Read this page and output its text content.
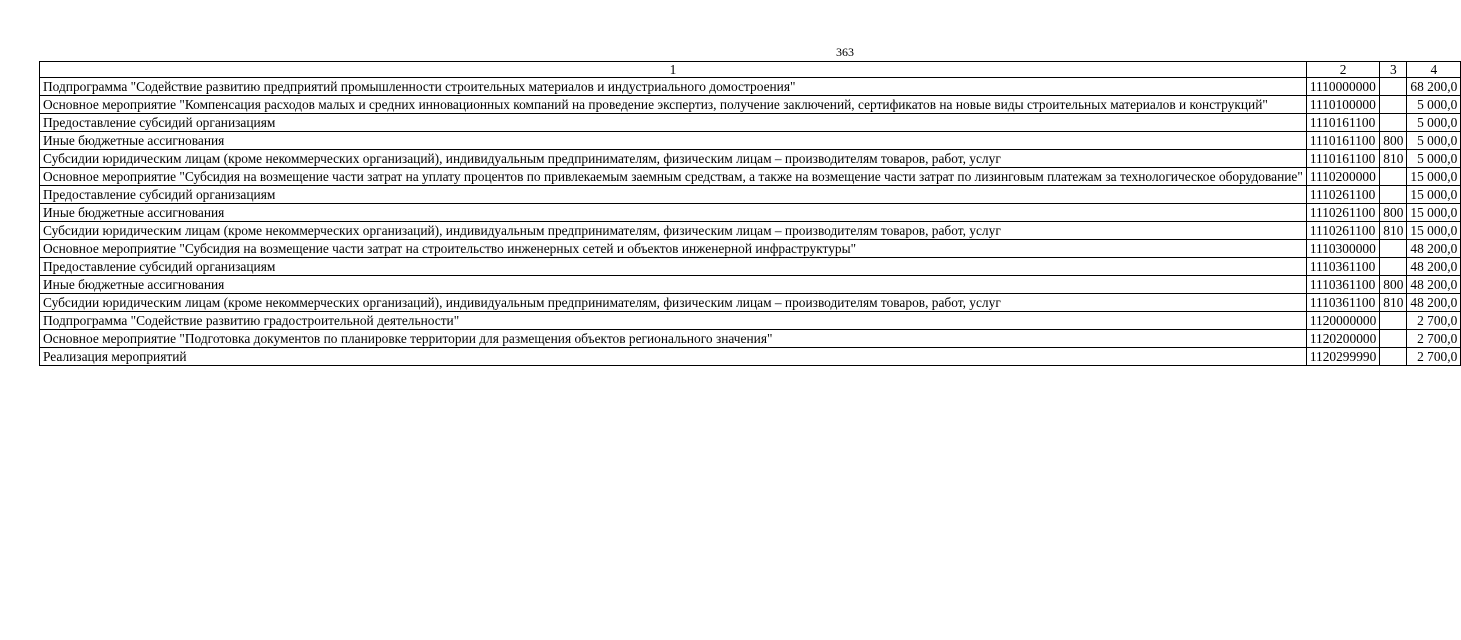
363
1	2	3	4
Подпрограмма "Содействие развитию предприятий промышленности строительных материалов и индустриального домостроения"	1110000000		68 200,0
Основное мероприятие "Компенсация расходов малых и средних инновационных компаний на проведение экспертиз, получение заключений, сертификатов на новые виды строительных материалов и конструкций"	1110100000		5 000,0
Предоставление субсидий организациям	1110161100		5 000,0
Иные бюджетные ассигнования	1110161100	800	5 000,0
Субсидии юридическим лицам (кроме некоммерческих организаций), индивидуальным предпринимателям, физическим лицам – производителям товаров, работ, услуг	1110161100	810	5 000,0
Основное мероприятие "Субсидия на возмещение части затрат на уплату процентов по привлекаемым заемным средствам, а также на возмещение части затрат по лизинговым платежам за технологическое оборудование"	1110200000		15 000,0
Предоставление субсидий организациям	1110261100		15 000,0
Иные бюджетные ассигнования	1110261100	800	15 000,0
Субсидии юридическим лицам (кроме некоммерческих организаций), индивидуальным предпринимателям, физическим лицам – производителям товаров, работ, услуг	1110261100	810	15 000,0
Основное мероприятие "Субсидия на возмещение части затрат на строительство инженерных сетей и объектов инженерной инфраструктуры"	1110300000		48 200,0
Предоставление субсидий организациям	1110361100		48 200,0
Иные бюджетные ассигнования	1110361100	800	48 200,0
Субсидии юридическим лицам (кроме некоммерческих организаций), индивидуальным предпринимателям, физическим лицам – производителям товаров, работ, услуг	1110361100	810	48 200,0
Подпрограмма "Содействие развитию градостроительной деятельности"	1120000000		2 700,0
Основное мероприятие "Подготовка документов по планировке территории для размещения объектов регионального значения"	1120200000		2 700,0
Реализация мероприятий	1120299990		2 700,0
